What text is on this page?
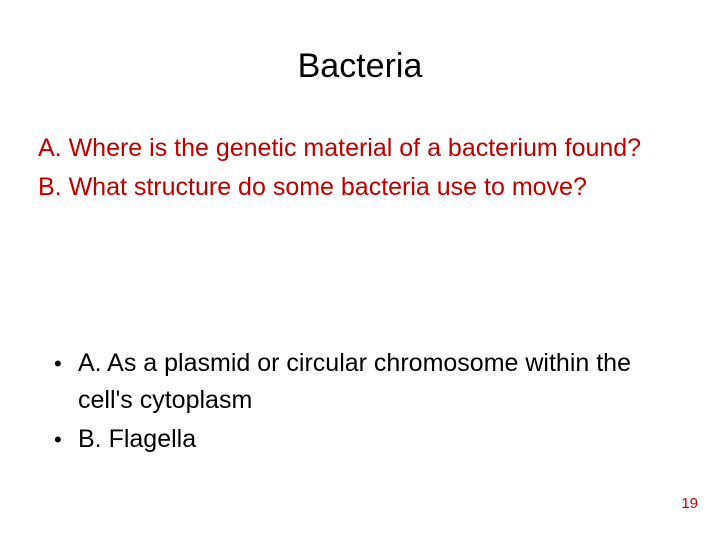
Bacteria
A. Where is the genetic material of a bacterium found?
B. What structure do some bacteria use to move?
• A. As a plasmid or circular chromosome within the cell's cytoplasm
• B. Flagella
19
